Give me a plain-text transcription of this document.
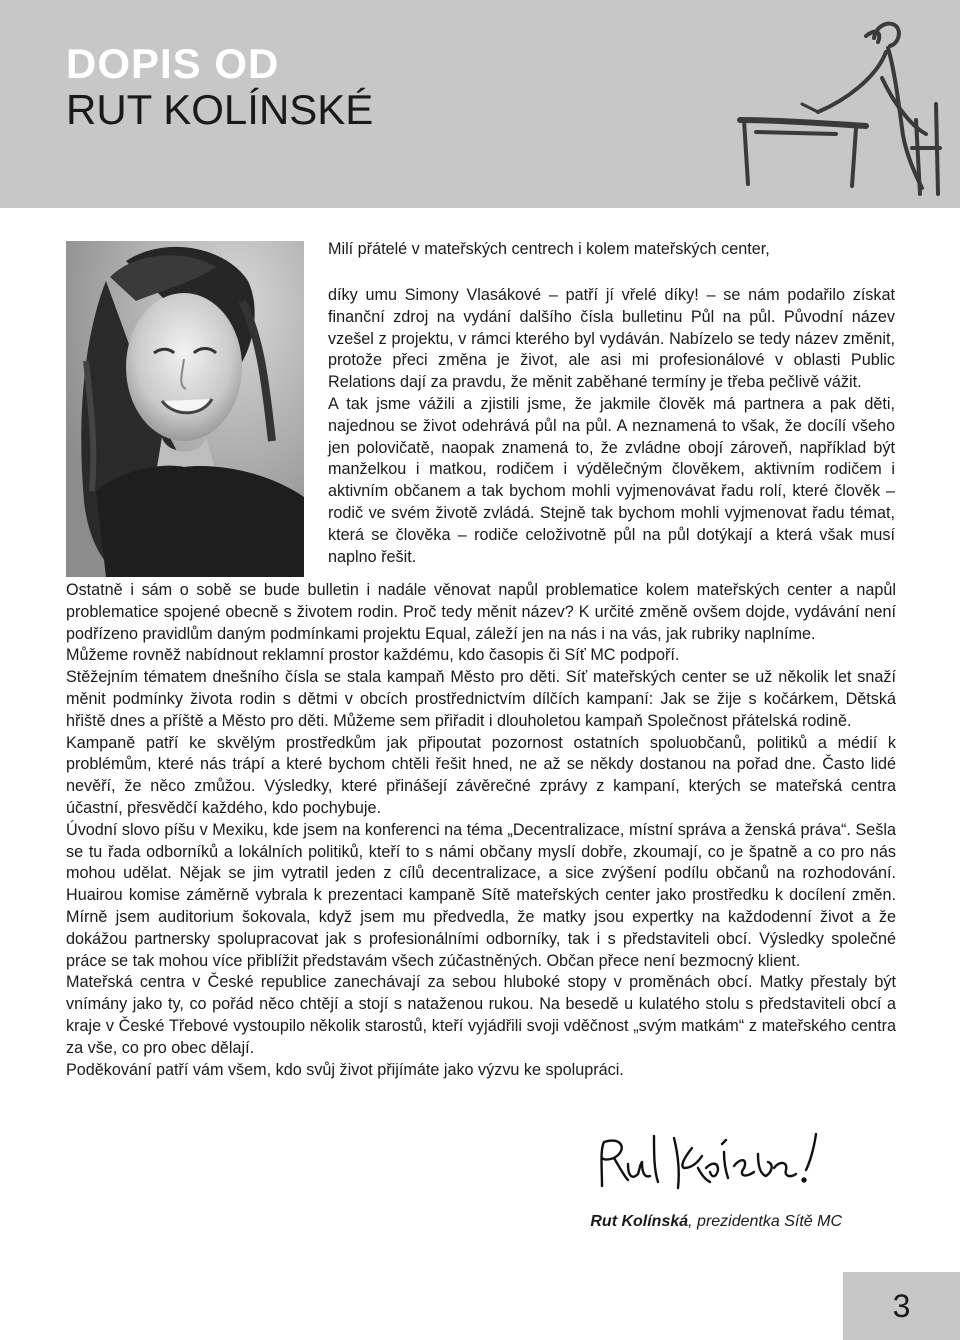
DOPIS OD
RUT KOLÍNSKÉ

Milí přátelé v mateřských centrech i kolem mateřských center,

díky umu Simony Vlasákové – patří jí vřelé díky! – se nám podařilo získat finanční zdroj na vydání dalšího čísla bulletinu Půl na půl. Původní název vzešel z projektu, v rámci kterého byl vydáván. Nabízelo se tedy název změnit, protože přeci změna je život, ale asi mi profesionálové v oblasti Public Relations dají za pravdu, že měnit zaběhané termíny je třeba pečlivě vážit.

A tak jsme vážili a zjistili jsme, že jakmile člověk má partnera a pak děti, najednou se život odehrává půl na půl. A neznamená to však, že docílí všeho jen polovičatě, naopak znamená to, že zvládne obojí zároveň, například být manželkou i matkou, rodičem i výdělečným člověkem, aktivním rodičem i aktivním občanem a tak bychom mohli vyjmenovávat řadu rolí, které člověk – rodič ve svém životě zvládá. Stejně tak bychom mohli vyjmenovat řadu témat, která se člověka – rodiče celoživotně půl na půl dotýkají a která však musí naplno řešit.

Ostatně i sám o sobě se bude bulletin i nadále věnovat napůl problematice kolem mateřských center a napůl problematice spojené obecně s životem rodin. Proč tedy měnit název? K určité změně ovšem dojde, vydávání není podřízeno pravidlům daným podmínkami projektu Equal, záleží jen na nás i na vás, jak rubriky naplníme.

Můžeme rovněž nabídnout reklamní prostor každému, kdo časopis či Síť MC podpoří.

Stěžejním tématem dnešního čísla se stala kampaň Město pro děti. Síť mateřských center se už několik let snaží měnit podmínky života rodin s dětmi v obcích prostřednictvím dílčích kampaní: Jak se žije s kočárkem, Dětská hřiště dnes a příště a Město pro děti. Můžeme sem přiřadit i dlouholetou kampaň Společnost přátelská rodině.

Kampaně patří ke skvělým prostředkům jak připoutat pozornost ostatních spoluobčanů, politiků a médií k problémům, které nás trápí a které bychom chtěli řešit hned, ne až se někdy dostanou na pořad dne. Často lidé nevěří, že něco zmůžou. Výsledky, které přinášejí závěrečné zprávy z kampaní, kterých se mateřská centra účastní, přesvědčí každého, kdo pochybuje.

Úvodní slovo píšu v Mexiku, kde jsem na konferenci na téma „Decentralizace, místní správa a ženská práva“. Sešla se tu řada odborníků a lokálních politiků, kteří to s námi občany myslí dobře, zkoumají, co je špatně a co pro nás mohou udělat. Nějak se jim vytratil jeden z cílů decentralizace, a sice zvýšení podílu občanů na rozhodování. Huairou komise záměrně vybrala k prezentaci kampaně Sítě mateřských center jako prostředku k docílení změn. Mírně jsem auditorium šokovala, když jsem mu předvedla, že matky jsou expertky na každodenní život a že dokážou partnersky spolupracovat jak s profesionálními odborníky, tak i s představiteli obcí. Výsledky společné práce se tak mohou více přiblížit představám všech zúčastněných. Občan přece není bezmocný klient.

Mateřská centra v České republice zanechávají za sebou hluboké stopy v proměnách obcí. Matky přestaly být vnímány jako ty, co pořád něco chtějí a stojí s nataženou rukou. Na besedě u kulatého stolu s představiteli obcí a kraje v České Třebové vystoupilo několik starostů, kteří vyjádřili svoji vděčnost „svým matkám“ z mateřského centra za vše, co pro obec dělají.

Poděkování patří vám všem, kdo svůj život přijímáte jako výzvu ke spolupráci.

Rut Kolínská, prezidentka Sítě MC
3
